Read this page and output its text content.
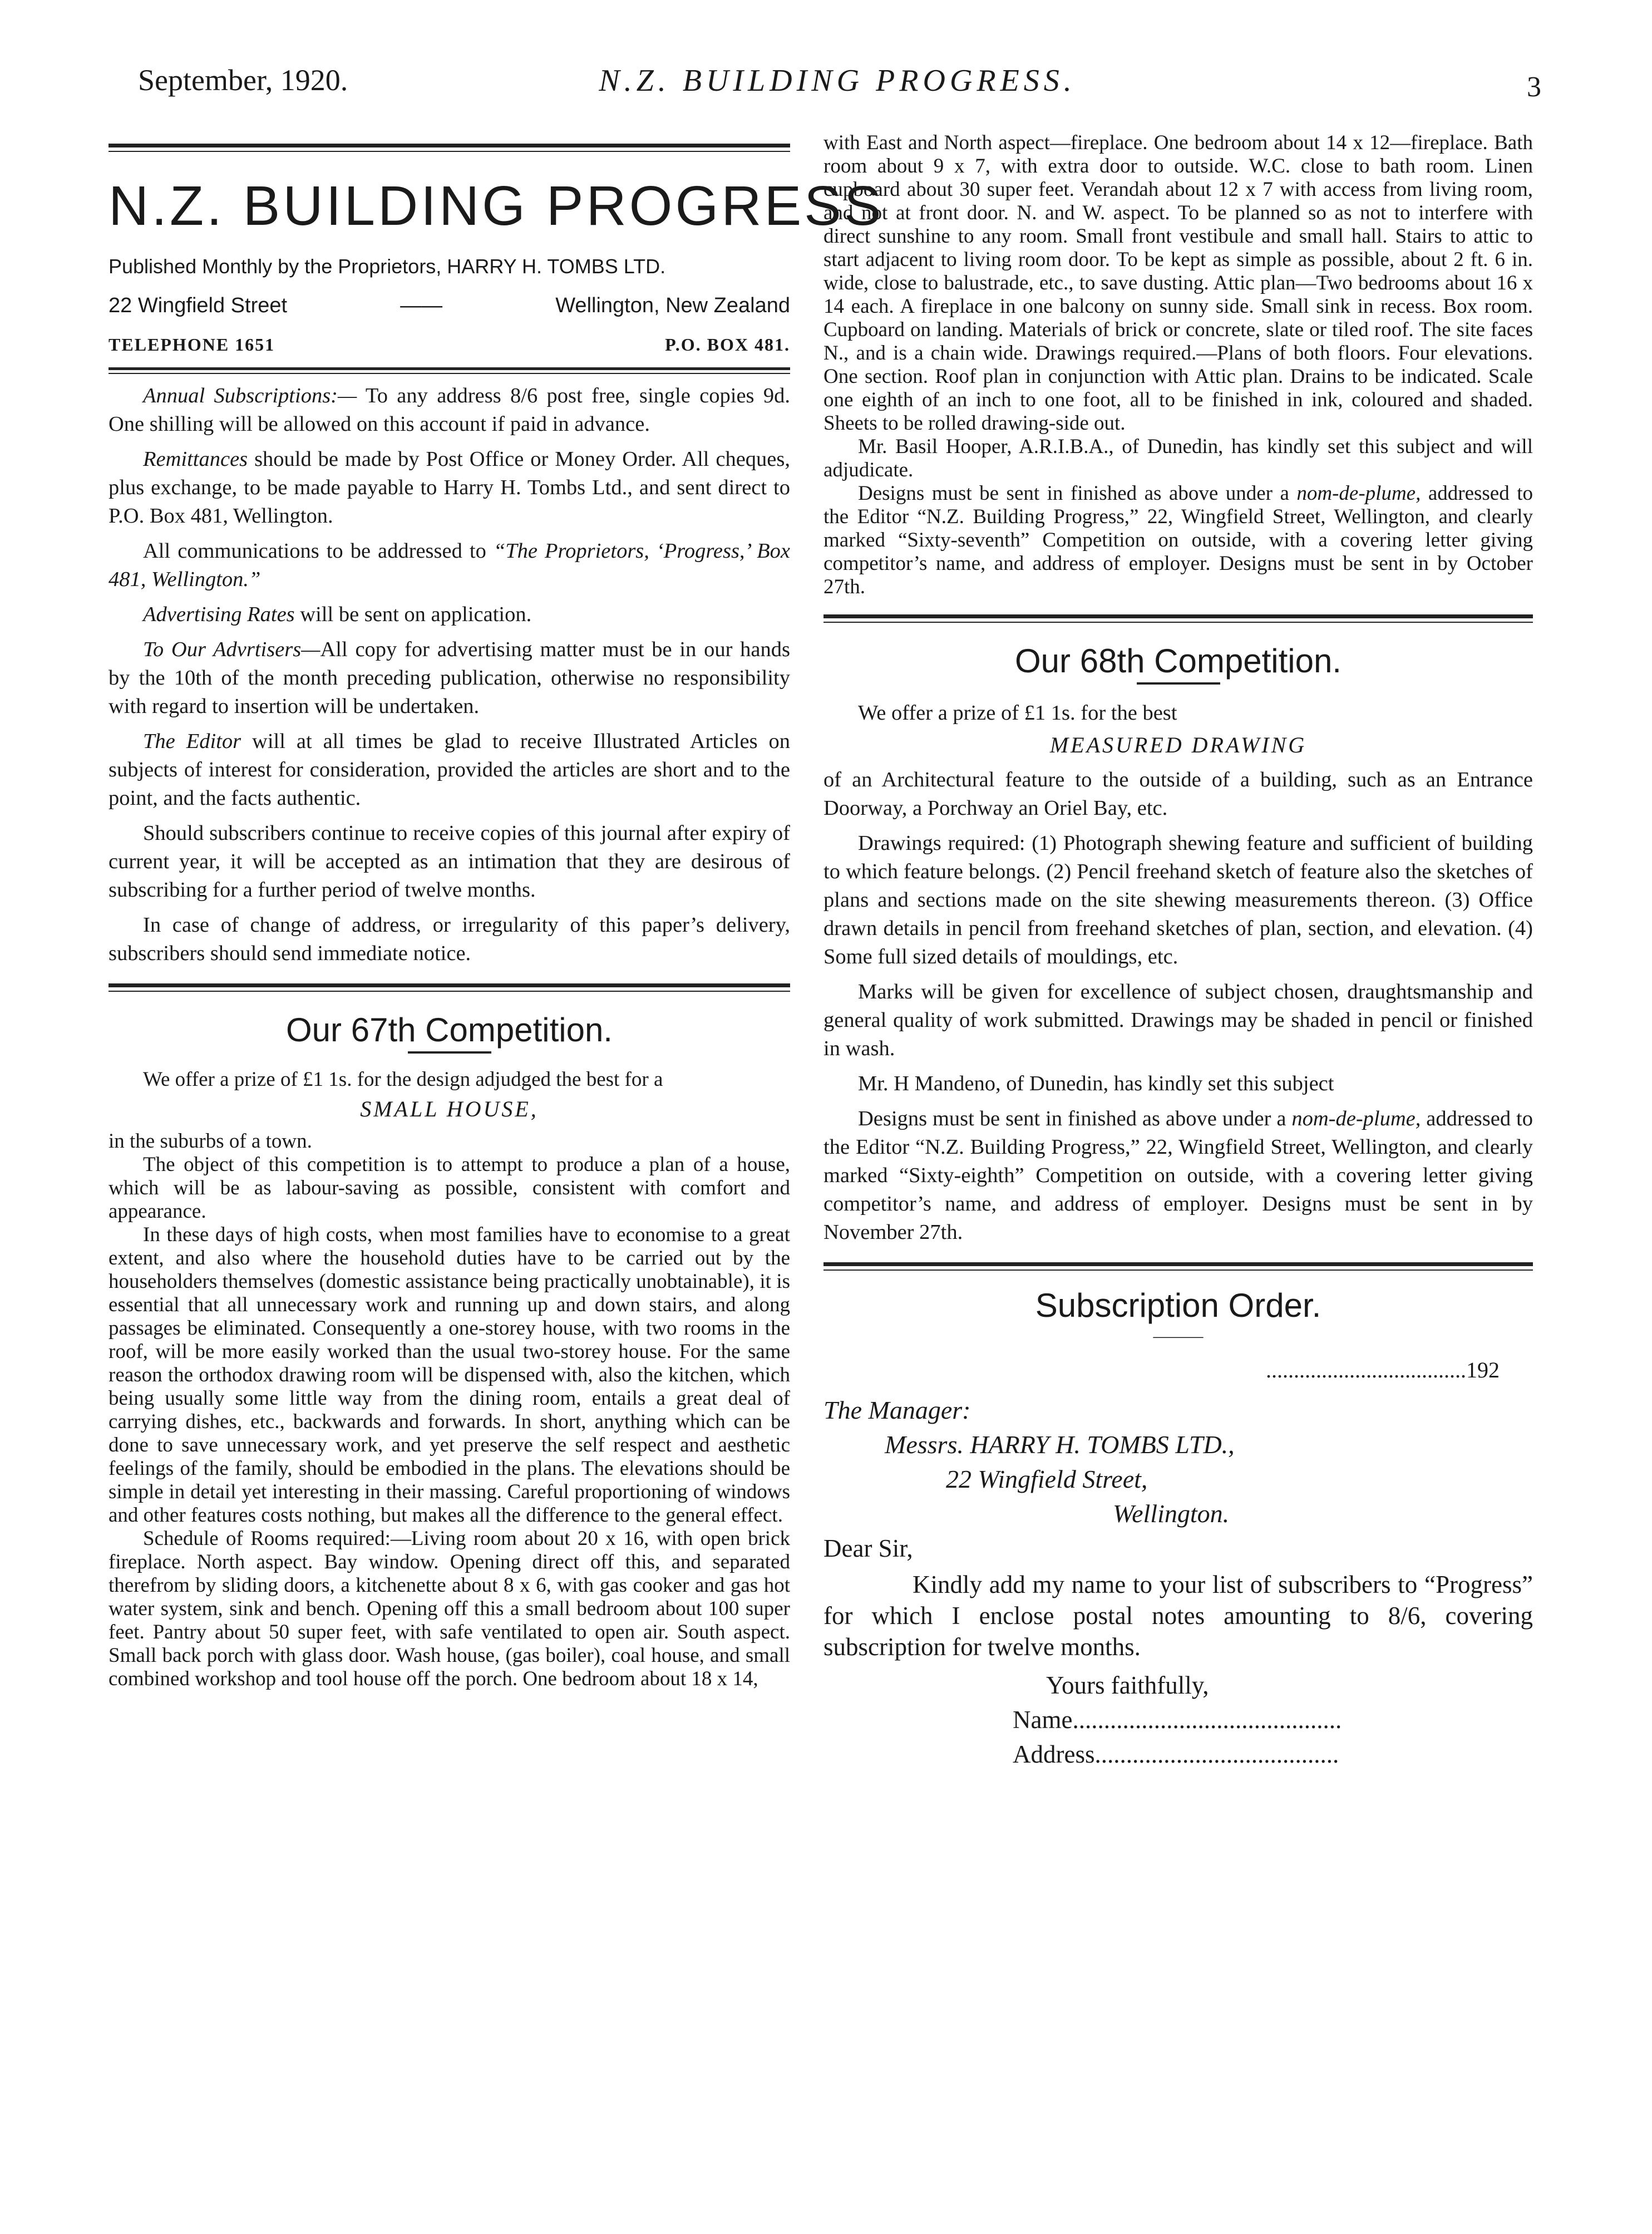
September, 1920.	N.Z. BUILDING PROGRESS.	3
N.Z. BUILDING PROGRESS
Published Monthly by the Proprietors, HARRY H. TOMBS LTD.
22 Wingfield Street	——	Wellington, New Zealand
TELEPHONE 1651	P.O. BOX 481.

Annual Subscriptions:— To any address 8/6 post free, single copies 9d. One shilling will be allowed on this account if paid in advance.

Remittances should be made by Post Office or Money Order. All cheques, plus exchange, to be made payable to Harry H. Tombs Ltd., and sent direct to P.O. Box 481, Wellington.

All communications to be addressed to “The Proprietors, ‘Progress,’ Box 481, Wellington.”

Advertising Rates will be sent on application.

To Our Advrtisers—All copy for advertising matter must be in our hands by the 10th of the month preceding publication, otherwise no responsibility with regard to insertion will be undertaken.

The Editor will at all times be glad to receive Illustrated Articles on subjects of interest for consideration, provided the articles are short and to the point, and the facts authentic.

Should subscribers continue to receive copies of this journal after expiry of current year, it will be accepted as an intimation that they are desirous of subscribing for a further period of twelve months.

In case of change of address, or irregularity of this paper’s delivery, subscribers should send immediate notice.

Our 67th Competition.

We offer a prize of £1 1s. for the design adjudged the best for a

SMALL HOUSE,

in the suburbs of a town.

The object of this competition is to attempt to produce a plan of a house, which will be as labour-saving as possible, consistent with comfort and appearance.

In these days of high costs, when most families have to economise to a great extent, and also where the household duties have to be carried out by the householders themselves (domestic assistance being practically unobtainable), it is essential that all unnecessary work and running up and down stairs, and along passages be eliminated. Consequently a one-storey house, with two rooms in the roof, will be more easily worked than the usual two-storey house. For the same reason the orthodox drawing room will be dispensed with, also the kitchen, which being usually some little way from the dining room, entails a great deal of carrying dishes, etc., backwards and forwards. In short, anything which can be done to save unnecessary work, and yet preserve the self respect and aesthetic feelings of the family, should be embodied in the plans. The elevations should be simple in detail yet interesting in their massing. Careful proportioning of windows and other features costs nothing, but makes all the difference to the general effect.

Schedule of Rooms required:—Living room about 20 x 16, with open brick fireplace. North aspect. Bay window. Opening direct off this, and separated therefrom by sliding doors, a kitchenette about 8 x 6, with gas cooker and gas hot water system, sink and bench. Opening off this a small bedroom about 100 super feet. Pantry about 50 super feet, with safe ventilated to open air. South aspect. Small back porch with glass door. Wash house, (gas boiler), coal house, and small combined workshop and tool house off the porch. One bedroom about 18 x 14,

with East and North aspect—fireplace. One bedroom about 14 x 12—fireplace. Bath room about 9 x 7, with extra door to outside. W.C. close to bath room. Linen cupboard about 30 super feet. Verandah about 12 x 7 with access from living room, and not at front door. N. and W. aspect. To be planned so as not to interfere with direct sunshine to any room. Small front vestibule and small hall. Stairs to attic to start adjacent to living room door. To be kept as simple as possible, about 2 ft. 6 in. wide, close to balustrade, etc., to save dusting. Attic plan—Two bedrooms about 16 x 14 each. A fireplace in one balcony on sunny side. Small sink in recess. Box room. Cupboard on landing. Materials of brick or concrete, slate or tiled roof. The site faces N., and is a chain wide. Drawings required.—Plans of both floors. Four elevations. One section. Roof plan in conjunction with Attic plan. Drains to be indicated. Scale one eighth of an inch to one foot, all to be finished in ink, coloured and shaded. Sheets to be rolled drawing-side out.

Mr. Basil Hooper, A.R.I.B.A., of Dunedin, has kindly set this subject and will adjudicate.

Designs must be sent in finished as above under a nom-de-plume, addressed to the Editor “N.Z. Building Progress,” 22, Wingfield Street, Wellington, and clearly marked “Sixty-seventh” Competition on outside, with a covering letter giving competitor’s name, and address of employer. Designs must be sent in by October 27th.

Our 68th Competition.

We offer a prize of £1 1s. for the best

MEASURED DRAWING

of an Architectural feature to the outside of a building, such as an Entrance Doorway, a Porchway an Oriel Bay, etc.

Drawings required: (1) Photograph shewing feature and sufficient of building to which feature belongs. (2) Pencil freehand sketch of feature also the sketches of plans and sections made on the site shewing measurements thereon. (3) Office drawn details in pencil from freehand sketches of plan, section, and elevation. (4) Some full sized details of mouldings, etc.

Marks will be given for excellence of subject chosen, draughtsmanship and general quality of work submitted. Drawings may be shaded in pencil or finished in wash.

Mr. H Mandeno, of Dunedin, has kindly set this subject

Designs must be sent in finished as above under a nom-de-plume, addressed to the Editor “N.Z. Building Progress,” 22, Wingfield Street, Wellington, and clearly marked “Sixty-eighth” Competition on outside, with a covering letter giving competitor’s name, and address of employer. Designs must be sent in by November 27th.

Subscription Order.
———
....................................192
The Manager:
Messrs. HARRY H. TOMBS LTD.,
22 Wingfield Street,
Wellington.
Dear Sir,

Kindly add my name to your list of subscribers to “Progress” for which I enclose postal notes amounting to 8/6, covering subscription for twelve months.

Yours faithfully,
Name...........................................
Address.......................................
